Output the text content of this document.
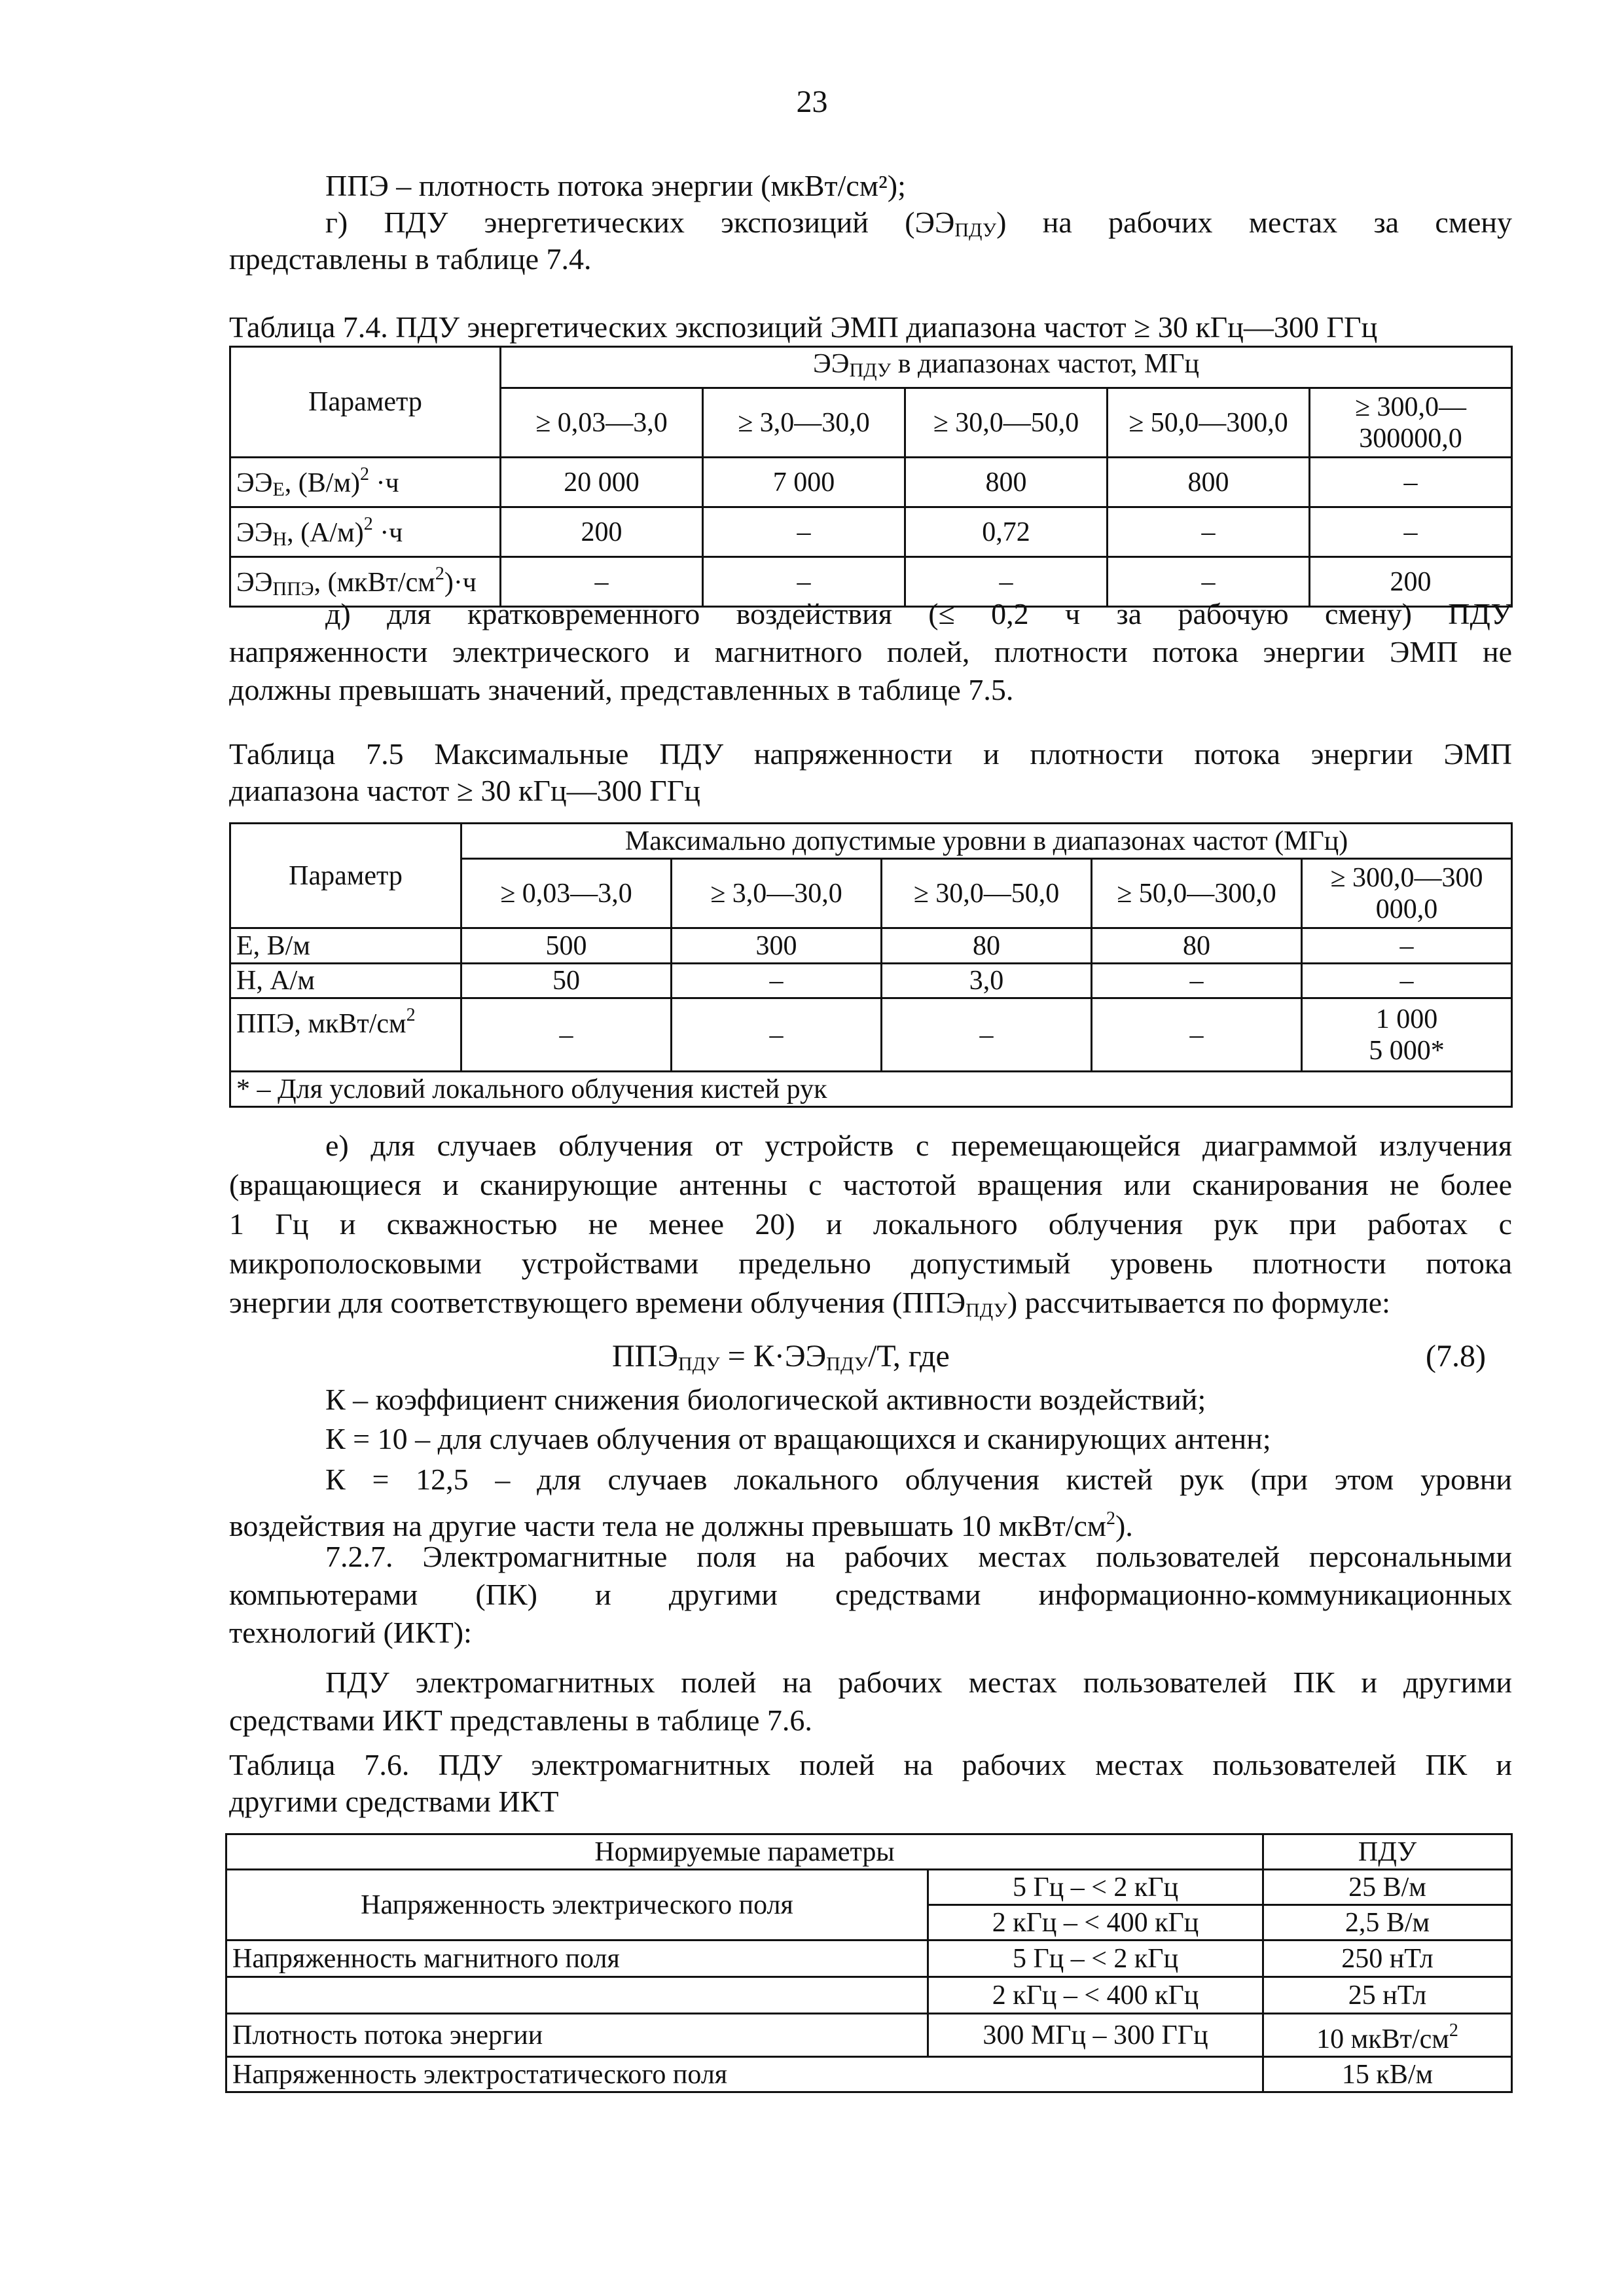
23
ППЭ – плотность потока энергии (мкВт/см²);
г) ПДУ энергетических экспозиций $(ЭЭ_{ПДУ})$ на рабочих местах за смену
представлены в таблице 7.4.
Таблица 7.4. ПДУ энергетических экспозиций ЭМП диапазона частот ≥ 30 кГц—300 ГГц
Параметр	$ЭЭ_{ПДУ}$ в диапазонах частот, МГц				
	≥ 0,03—3,0	≥ 3,0—30,0	≥ 30,0—50,0	≥ 50,0—300,0	≥ 300,0—
300000,0

$ЭЭ_Е$, $(В/м)^2 \cdot ч$	20 000	7 000	800	800	–
$ЭЭ_Н$, $(А/м)^2 \cdot ч$	200	–	0,72	–	–
$ЭЭ_{ППЭ}$, $(мкВт/см^2)\cdot ч$	–	–	–	–	200
д) для кратковременного воздействия (≤ 0,2 ч за рабочую смену) ПДУ
напряженности электрического и магнитного полей, плотности потока энергии ЭМП не
должны превышать значений, представленных в таблице 7.5.
Таблица 7.5 Максимальные ПДУ напряженности и плотности потока энергии ЭМП
диапазона частот ≥ 30 кГц—300 ГГц
Параметр	Максимально допустимые уровни в диапазонах частот (МГц)				
	≥ 0,03—3,0	≥ 3,0—30,0	≥ 30,0—50,0	≥ 50,0—300,0	≥ 300,0—300
000,0

Е, В/м	500	300	80	80	–
Н, А/м	50	–	3,0	–	–
ППЭ, мкВт/$см^2$	–	–	–	–	1 000
5 000*

* – Для условий локального облучения кистей рук					
е) для случаев облучения от устройств с перемещающейся диаграммой излучения
(вращающиеся и сканирующие антенны с частотой вращения или сканирования не более
1 Гц и скважностью не менее 20) и локального облучения рук при работах с
микрополосковыми устройствами предельно допустимый уровень плотности потока
энергии для соответствующего времени облучения $(ППЭ_{ПДУ})$ рассчитывается по формуле:
$ППЭ_{ПДУ} = К\cdot ЭЭ_{ПДУ}/Т$, где	(7.8)
К – коэффициент снижения биологической активности воздействий;
К = 10 – для случаев облучения от вращающихся и сканирующих антенн;
К = 12,5 – для случаев локального облучения кистей рук (при этом уровни
воздействия на другие части тела не должны превышать 10 мкВт/$см^2$).
7.2.7. Электромагнитные поля на рабочих местах пользователей персональными
компьютерами (ПК) и другими средствами информационно-коммуникационных
технологий (ИКТ):
ПДУ электромагнитных полей на рабочих местах пользователей ПК и другими
средствами ИКТ представлены в таблице 7.6.
Таблица 7.6. ПДУ электромагнитных полей на рабочих местах пользователей ПК и
другими средствами ИКТ
Нормируемые параметры		ПДУ
Напряженность электрического поля	5 Гц – < 2 кГц	25 В/м
	2 кГц – < 400 кГц	2,5 В/м
Напряженность магнитного поля	5 Гц – < 2 кГц	250 нТл
	2 кГц – < 400 кГц	25 нТл
Плотность потока энергии	300 МГц – 300 ГГц	10 мкВт/$см^2$
Напряженность электростатического поля		15 кВ/м
